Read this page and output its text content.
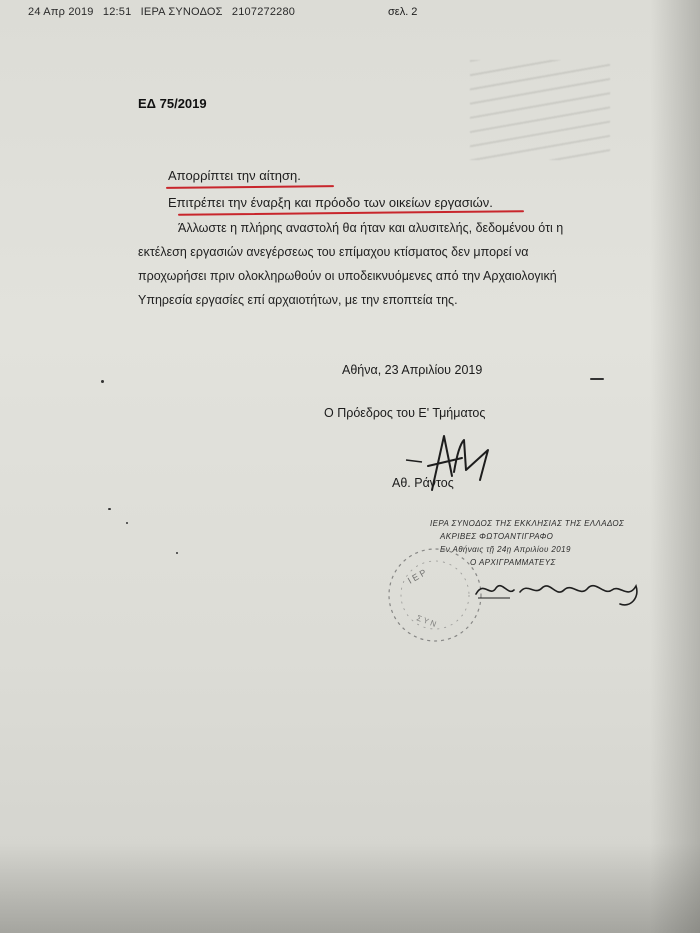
24 Απρ 2019 12:51 ΙΕΡΑ ΣΥΝΟΔΟΣ 2107272280	σελ. 2
ΕΔ 75/2019
Απορρίπτει την αίτηση.
Επιτρέπει την έναρξη και πρόοδο των οικείων εργασιών.
Άλλωστε η πλήρης αναστολή θα ήταν και αλυσιτελής, δεδομένου ότι η
εκτέλεση εργασιών ανεγέρσεως του επίμαχου κτίσματος δεν μπορεί να
προχωρήσει πριν ολοκληρωθούν οι υποδεικνυόμενες από την Αρχαιολογική
Υπηρεσία εργασίες επί αρχαιοτήτων, με την εποπτεία της.
Αθήνα, 23 Απριλίου 2019
Ο Πρόεδρος του Ε' Τμήματος
Αθ. Ράντος
Ι Ε Ρ
Σ Υ Ν
ΙΕΡΑ ΣΥΝΟΔΟΣ ΤΗΣ ΕΚΚΛΗΣΙΑΣ ΤΗΣ ΕΛΛΑΔΟΣ
ΑΚΡΙΒΕΣ ΦΩΤΟΑΝΤΙΓΡΑΦΟ
Εν Αθήναις τῇ 24ῃ Απριλίου 2019
Ο ΑΡΧΙΓΡΑΜΜΑΤΕΥΣ
